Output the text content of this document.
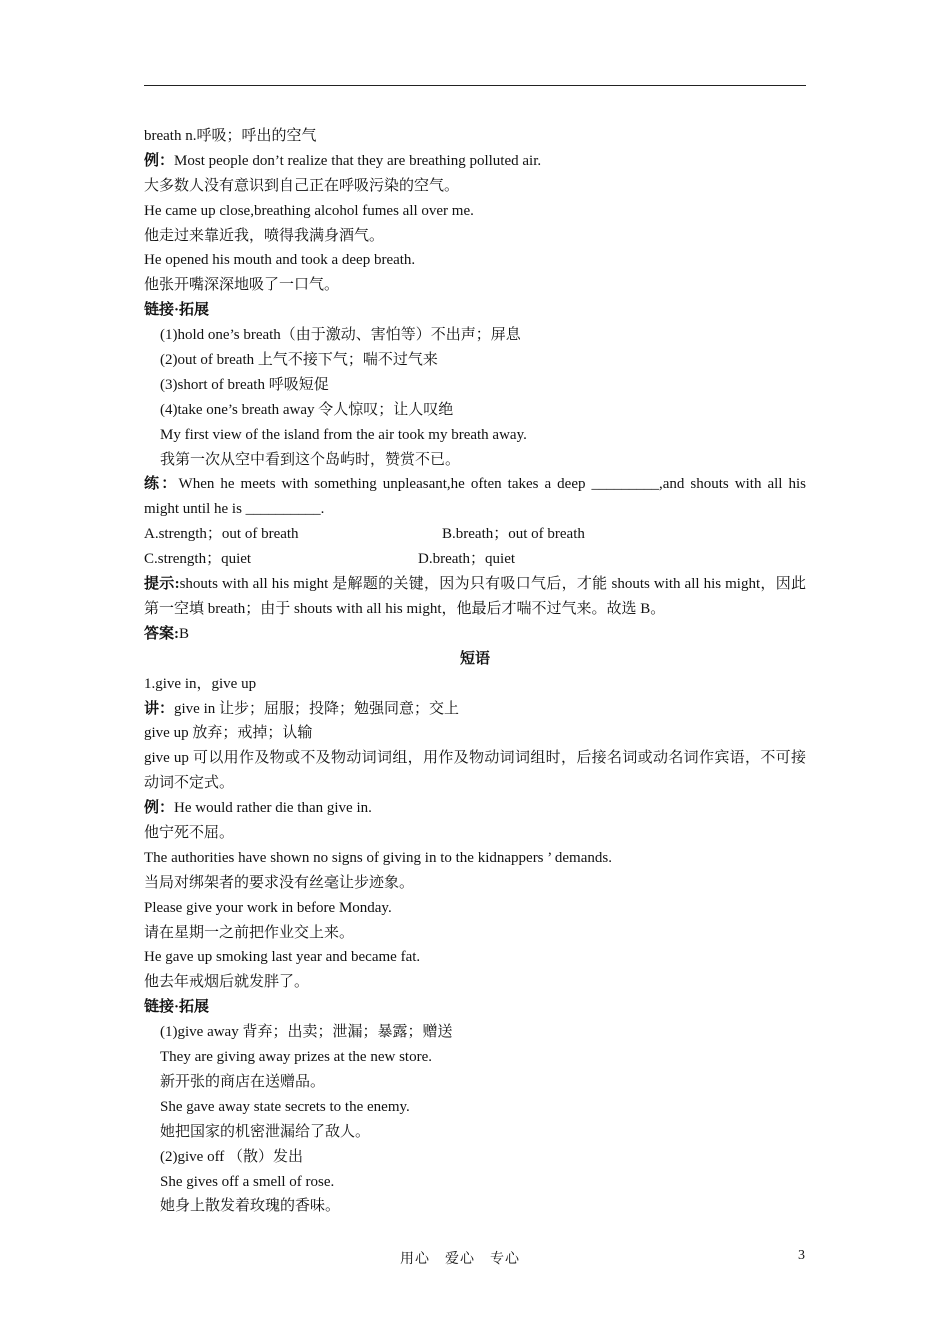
breath n.呼吸；呼出的空气
例：Most people don’t realize that they are breathing polluted air.
大多数人没有意识到自己正在呼吸污染的空气。
He came up close,breathing alcohol fumes all over me.
他走过来靠近我，喷得我满身酒气。
He opened his mouth and took a deep breath.
他张开嘴深深地吸了一口气。
链接·拓展
(1)hold one’s breath（由于激动、害怕等）不出声；屏息
(2)out of breath 上气不接下气；喘不过气来
(3)short of breath 呼吸短促
(4)take one’s breath away 令人惊叹；让人叹绝
My first view of the island from the air took my breath away.
我第一次从空中看到这个岛屿时，赞赏不已。
练：When he meets with something unpleasant,he often takes a deep _________,and shouts with all his might until he is __________.
A.strength；out of breath	B.breath；out of breath
C.strength；quiet	D.breath；quiet
提示:shouts with all his might 是解题的关键，因为只有吸口气后，才能 shouts with all his might，因此第一空填 breath；由于 shouts with all his might，他最后才喘不过气来。故选 B。
答案:B
短语
1.give in，give up
讲：give in 让步；屈服；投降；勉强同意；交上
give up 放弃；戒掉；认输
give up 可以用作及物或不及物动词词组，用作及物动词词组时，后接名词或动名词作宾语，不可接动词不定式。
例：He would rather die than give in.
他宁死不屈。
The authorities have shown no signs of giving in to the kidnappers ’ demands.
当局对绑架者的要求没有丝毫让步迹象。
Please give your work in before Monday.
请在星期一之前把作业交上来。
He gave up smoking last year and became fat.
他去年戒烟后就发胖了。
链接·拓展
(1)give away 背弃；出卖；泄漏；暴露；赠送
They are giving away prizes at the new store.
新开张的商店在送赠品。
She gave away state secrets to the enemy.
她把国家的机密泄漏给了敌人。
(2)give off （散）发出
She gives off a smell of rose.
她身上散发着玫瑰的香味。
用心　爱心　专心	3
